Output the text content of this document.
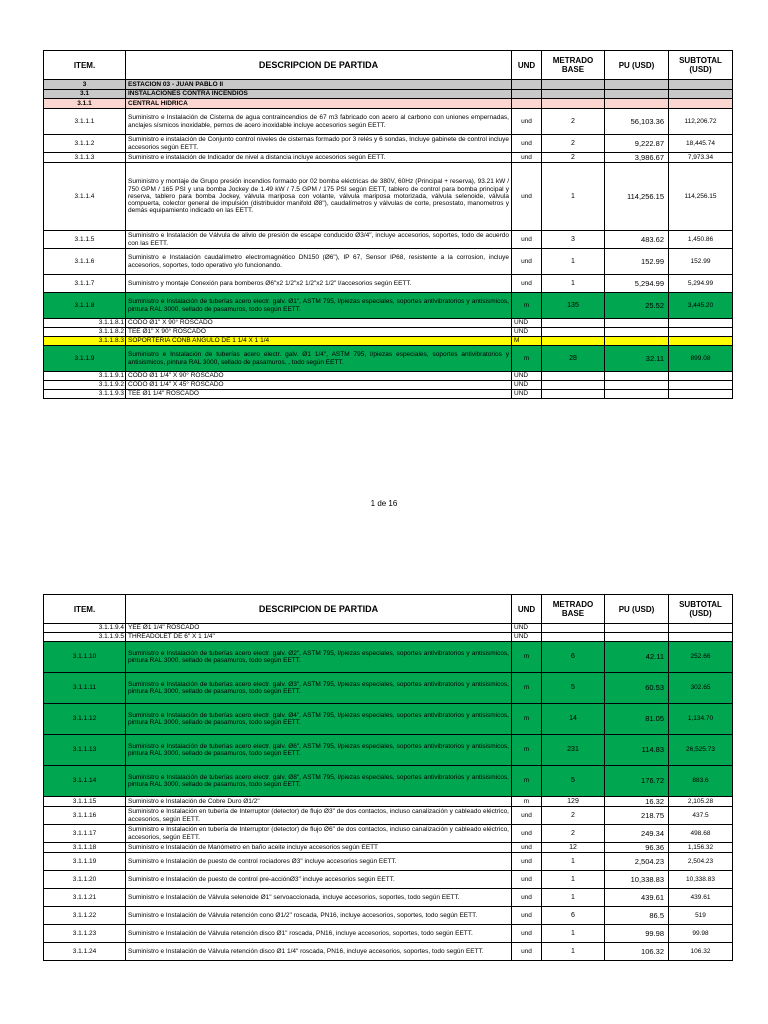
ITEM.	DESCRIPCION DE PARTIDA	UND	METRADO BASE	PU (USD)	SUBTOTAL (USD)
3	ESTACION 03 - JUAN PABLO II				
3.1	INSTALACIONES CONTRA INCENDIOS				
3.1.1	CENTRAL HIDRICA				
3.1.1.1	Suministro e Instalación de Cisterna de agua contraincendios de 67 m3 fabricado con acero al carbono con uniones empernadas, anclajes sísmicos inoxidable, pernos de acero inoxidable incluye accesorios según EETT.	und	2	56,103.36	112,206.72
3.1.1.2	Suministro e instalación de Conjunto control niveles de cisternas formado por 3 relés y 6 sondas, Incluye gabinete de control incluye accesorios según EETT.	und	2	9,222.87	18,445.74
3.1.1.3	Suministro e instalación de Indicador de nivel a distancia incluye accesorios según EETT.	und	2	3,986.67	7,973.34
3.1.1.4	Suministro y montaje de Grupo presión incendios formado por 02 bomba eléctricas de 380V, 60Hz (Principal + reserva), 93.21 kW / 750 GPM / 165 PSI y una bomba Jockey de 1.49 kW / 7.5 GPM / 175 PSI según EETT, tablero de control para bomba principal y reserva, tablero para bomba Jockey, válvula mariposa con volante, válvula mariposa motorizada, válvula selenoide, válvula compuerta, colector general de impulsión (distribuidor manifold Ø8"), caudalímetros y válvulas de corte, presostato, manometros y demás equipamiento indicado en las EETT.	und	1	114,256.15	114,256.15
3.1.1.5	Suministro e Instalación de Válvula de alivio de presión de escape conducido Ø3/4", incluye accesorios, soportes, todo de acuerdo con las EETT.	und	3	483.62	1,450.86
3.1.1.6	Suministro e Instalación caudalímetro electromagnético DN150 (Ø6"), IP 67, Sensor IP68, resistente a la corrosion, incluye accesorios, soportes, todo operativo y/o funcionando.	und	1	152.99	152.99
3.1.1.7	Suministro y montaje Conexión para bomberos Ø6"x2 1/2"x2 1/2"x2 1/2" l/accesorios según EETT.	und	1	5,294.99	5,294.99
3.1.1.8	Suministro e Instalación de tuberías acero electr. galv. Ø1", ASTM 795, l/piezas especiales, soportes antivibratorios y antisismicos, pintura RAL 3000, sellado de pasamuros, todo según EETT.	m	135	25.52	3,445.20
3.1.1.8.1	CODO Ø1" X 90° ROSCADO	UND			
3.1.1.8.2	TEE Ø1" X 90° ROSCADO	UND			
3.1.1.8.3	SOPORTERIA CONB ANGULO DE 1 1/4 X 1 1/4	M			
3.1.1.9	Suministro e Instalación de tuberías acero electr. galv. Ø1 1/4", ASTM 795, l/piezas especiales, soportes antivibratorios y antisismicos, pintura RAL 3000, sellado de pasamuros, , todo según EETT.	m	28	32.11	899.08
3.1.1.9.1	CODO Ø1 1/4" X 90° ROSCADO	UND			
3.1.1.9.2	CODO Ø1 1/4" X 45° ROSCADO	UND			
3.1.1.9.3	TEE Ø1 1/4" ROSCADO	UND			
1 de 16
ITEM.	DESCRIPCION DE PARTIDA	UND	METRADO BASE	PU (USD)	SUBTOTAL (USD)
3.1.1.9.4	YEE Ø1 1/4" ROSCADO	UND			
3.1.1.9.5	THREADOLET DE 6" X 1 1/4"	UND			
3.1.1.10	Suministro e Instalación de tuberías acero electr. galv. Ø2", ASTM 795, l/piezas especiales, soportes antivibratorios y antisismicos, pintura RAL 3000, sellado de pasamuros, todo según EETT.	m	6	42.11	252.66
3.1.1.11	Suministro e Instalación de tuberías acero electr. galv. Ø3", ASTM 795, l/piezas especiales, soportes antivibratorios y antisismicos, pintura RAL 3000, sellado de pasamuros, todo según EETT.	m	5	60.53	302.65
3.1.1.12	Suministro e Instalación de tuberías acero electr. galv. Ø4", ASTM 795, l/piezas especiales, soportes antivibratorios y antisismicos, pintura RAL 3000, sellado de pasamuros, todo según EETT.	m	14	81.05	1,134.70
3.1.1.13	Suministro e Instalación de tuberías acero electr. galv. Ø6", ASTM 795, l/piezas especiales, soportes antivibratorios y antisismicos, pintura RAL 3000, sellado de pasamuros, todo según EETT.	m	231	114.83	26,525.73
3.1.1.14	Suministro e Instalación de tuberías acero electr. galv. Ø8", ASTM 795, l/piezas especiales, soportes antivibratorios y antisismicos, pintura RAL 3000, sellado de pasamuros, todo según EETT.	m	5	176.72	883.6
3.1.1.15	Suministro e Instalación de Cobre Duro Ø1/2"	m	129	16.32	2,105.28
3.1.1.16	Suministro e Instalación en tubería de Interruptor (detector) de flujo Ø3" de dos contactos, incluso canalización y cableado eléctrico, accesorios, según EETT.	und	2	218.75	437.5
3.1.1.17	Suministro e Instalación en tubería de Interruptor (detector) de flujo Ø6" de dos contactos, incluso canalización y cableado eléctrico, accesorios, según EETT.	und	2	249.34	498.68
3.1.1.18	Suministro e Instalación de Manómetro en baño aceite incluye accesorios según EETT	und	12	96.36	1,156.32
3.1.1.19	Suministro e Instalación de puesto de control rociadores Ø3" incluye accesorios según EETT.	und	1	2,504.23	2,504.23
3.1.1.20	Suministro e Instalación de puesto de control pre-acciónØ3" incluye accesorios según EETT.	und	1	10,338.83	10,338.83
3.1.1.21	Suministro e Instalación de Válvula selenoide Ø1" servoaccionada, incluye accesorios, soportes, todo según EETT.	und	1	439.61	439.61
3.1.1.22	Suministro e Instalación de Válvula retención cono Ø1/2" roscada, PN16, incluye accesorios, soportes, todo según EETT.	und	6	86.5	519
3.1.1.23	Suministro e Instalación de Válvula retención disco Ø1" roscada, PN16, incluye accesorios, soportes, todo según EETT.	und	1	99.98	99.98
3.1.1.24	Suministro e Instalación de Válvula retención disco Ø1 1/4" roscada, PN16, incluye accesorios, soportes, todo según EETT.	und	1	106.32	106.32
